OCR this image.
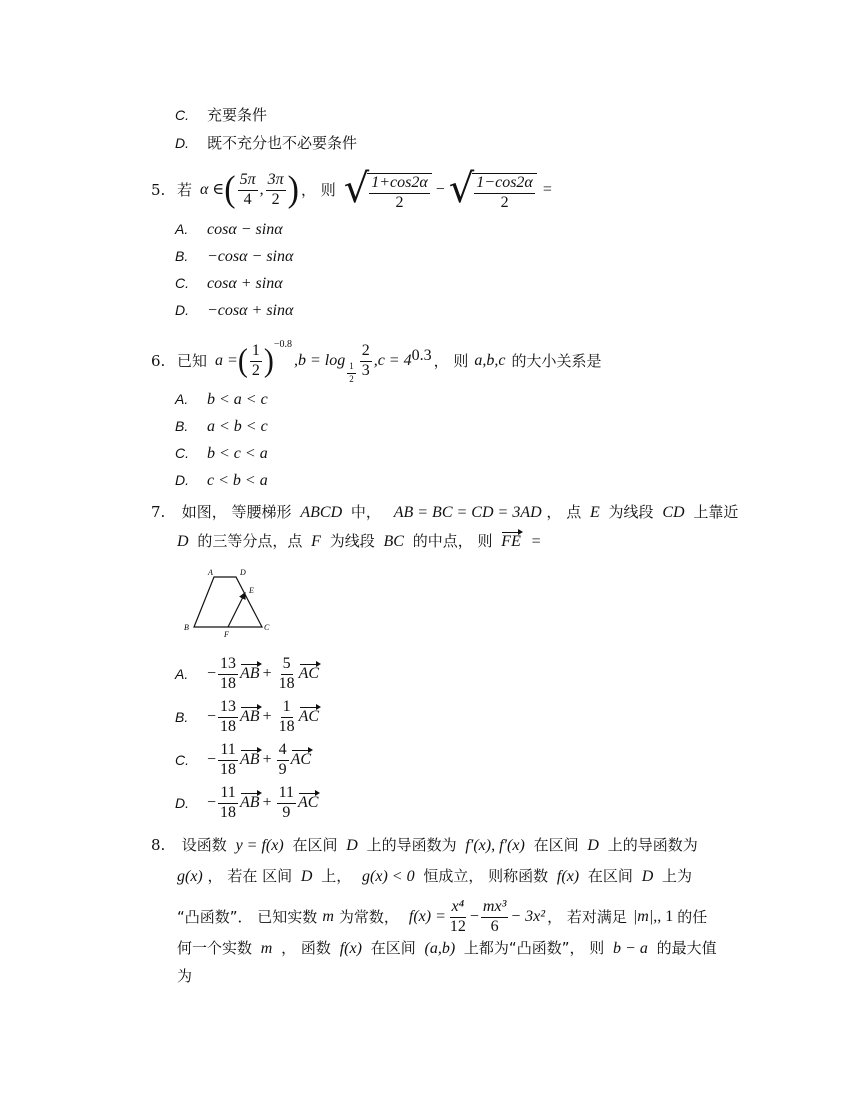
C. 充要条件
D. 既不充分也不必要条件
5. 若 α ∈ ( $\frac{5\pi}{4}$ , $\frac{3\pi}{2}$ ) ， 则 √ $\frac{1+\cos 2\alpha}{2}$ − √ $\frac{1-\cos 2\alpha}{2}$ =
A. cosα − sinα
B. −cosα − sinα
C. cosα + sinα
D. −cosα + sinα
6. 已知 a = ( $\frac{1}{2} )^{-0.8}$
,b = log
$\frac{1}{2} \frac{2}{3} ,c = 4$ 0.3 ， 则 a,b,c 的大小关系是
A. b < a < c
B. a < b < c
C. b < c < a
D. c < b < a
7. 如图， 等腰梯形 ABCD 中， AB = BC = CD = 3AD ， 点 E 为线段 CD 上靠近
D 的三等分点，点 F 为线段 BC 的中点， 则 FE =
A	D
E
B
F
C
A.	− $\frac{13}{18}$ AB + $\frac{5}{18}$ AC
B.	− $\frac{13}{18}$ AB + $\frac{1}{18}$ AC
C.	− $\frac{11}{18}$ AB + $\frac{4}{9}$ AC
D.	− $\frac{11}{18}$ AB + $\frac{11}{9}$ AC
8. 设函数 y = f(x) 在区间 D 上的导函数为 f′(x), f′(x) 在区间 D 上的导函数为
g(x) ， 若在 区间 D 上， g(x) < 0 恒成立， 则称函数 f(x) 在区间 D 上为
“凸函数”． 已知实数 m 为常数， $f(x) = \frac{\text{x⁴}}{12} - \frac{\text{mx³}}{6} - 3x^2$ ， 若对满足 |m| ,, 1 的任
何一个实数 m ， 函数 f(x) 在区间 (a,b) 上都为“凸函数”， 则 b − a 的最大值
为
